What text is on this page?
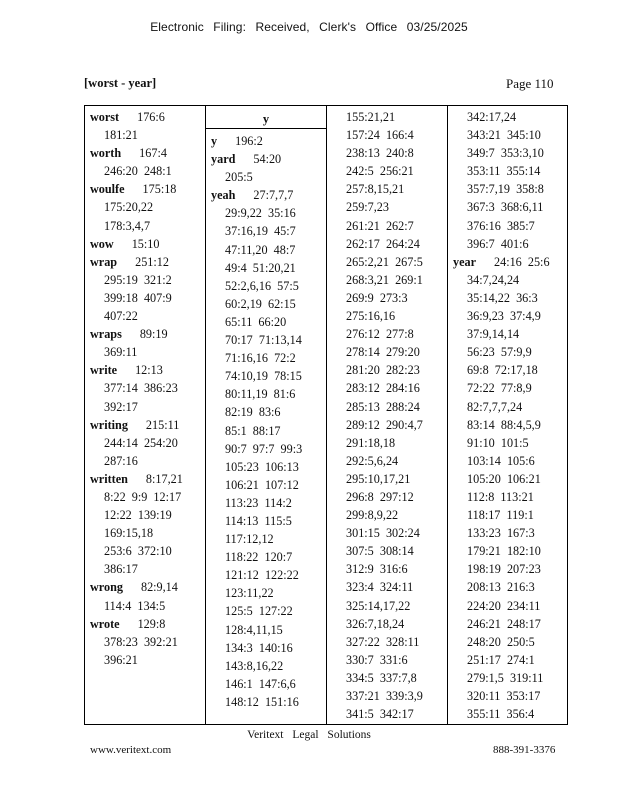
Electronic Filing: Received, Clerk's Office 03/25/2025
[worst - year]	Page 110
worst 176:6
181:21
worth 167:4
246:20  248:1
woulfe 175:18
175:20,22
178:3,4,7
wow 15:10
wrap 251:12
295:19  321:2
399:18  407:9
407:22
wraps 89:19
369:11
write 12:13
377:14  386:23
392:17
writing 215:11
244:14  254:20
287:16
written 8:17,21
8:22  9:9  12:17
12:22  139:19
169:15,18
253:6  372:10
386:17
wrong 82:9,14
114:4  134:5
wrote 129:8
378:23  392:21
396:21
y
y 196:2
yard 54:20
205:5
yeah 27:7,7,7
29:9,22  35:16
37:16,19  45:7
47:11,20  48:7
49:4  51:20,21
52:2,6,16  57:5
60:2,19  62:15
65:11  66:20
70:17  71:13,14
71:16,16  72:2
74:10,19  78:15
80:11,19  81:6
82:19  83:6
85:1  88:17
90:7  97:7  99:3
105:23  106:13
106:21  107:12
113:23  114:2
114:13  115:5
117:12,12
118:22  120:7
121:12  122:22
123:11,22
125:5  127:22
128:4,11,15
134:3  140:16
143:8,16,22
146:1  147:6,6
148:12  151:16
155:21,21
157:24  166:4
238:13  240:8
242:5  256:21
257:8,15,21
259:7,23
261:21  262:7
262:17  264:24
265:2,21  267:5
268:3,21  269:1
269:9  273:3
275:16,16
276:12  277:8
278:14  279:20
281:20  282:23
283:12  284:16
285:13  288:24
289:12  290:4,7
291:18,18
292:5,6,24
295:10,17,21
296:8  297:12
299:8,9,22
301:15  302:24
307:5  308:14
312:9  316:6
323:4  324:11
325:14,17,22
326:7,18,24
327:22  328:11
330:7  331:6
334:5  337:7,8
337:21  339:3,9
341:5  342:17
342:17,24
343:21  345:10
349:7  353:3,10
353:11  355:14
357:7,19  358:8
367:3  368:6,11
376:16  385:7
396:7  401:6
year 24:16  25:6
34:7,24,24
35:14,22  36:3
36:9,23  37:4,9
37:9,14,14
56:23  57:9,9
69:8  72:17,18
72:22  77:8,9
82:7,7,7,24
83:14  88:4,5,9
91:10  101:5
103:14  105:6
105:20  106:21
112:8  113:21
118:17  119:1
133:23  167:3
179:21  182:10
198:19  207:23
208:13  216:3
224:20  234:11
246:21  248:17
248:20  250:5
251:17  274:1
279:1,5  319:11
320:11  353:17
355:11  356:4
Veritext Legal Solutions
www.veritext.com	888-391-3376
